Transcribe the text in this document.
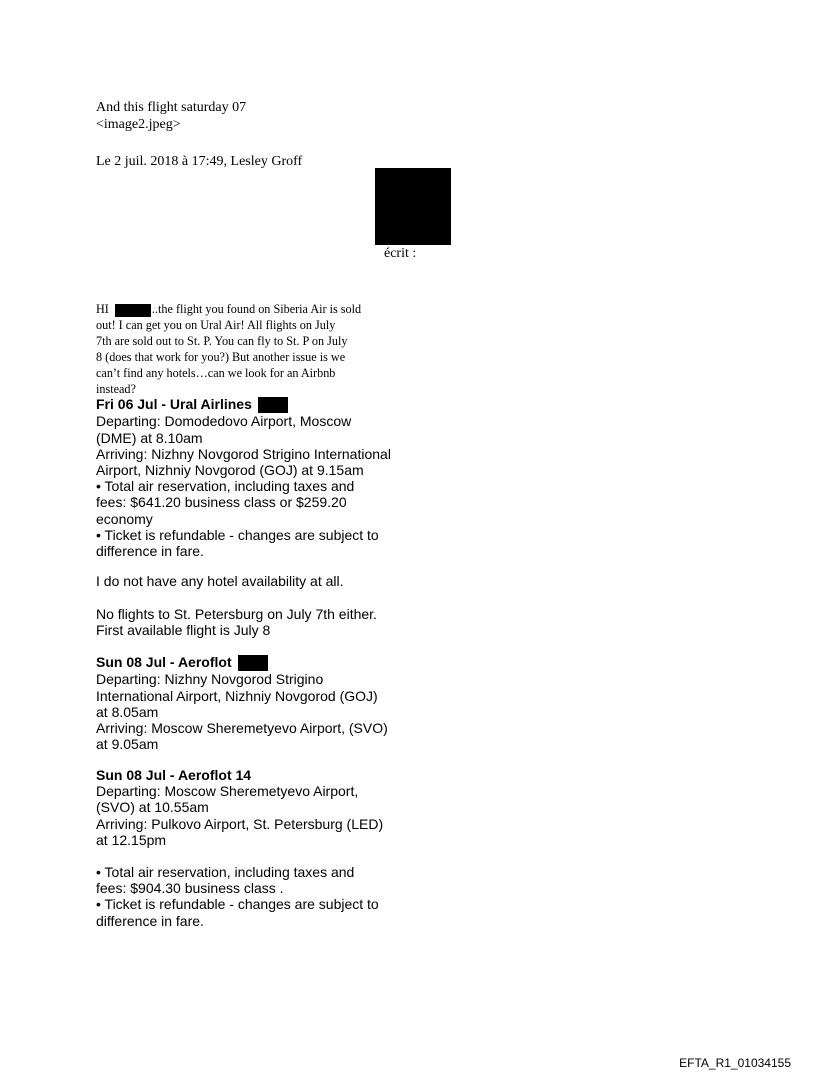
And this flight saturday 07
<image2.jpeg>
Le 2 juil. 2018 à 17:49, Lesley Groff
écrit :
HI	..the flight you found on Siberia Air is sold
out! I can get you on Ural Air! All flights on July
7th are sold out to St. P. You can fly to St. P on July
8 (does that work for you?) But another issue is we
can’t find any hotels…can we look for an Airbnb
instead?
Fri 06 Jul - Ural Airlines
Departing: Domodedovo Airport, Moscow
(DME) at 8.10am
Arriving: Nizhny Novgorod Strigino International
Airport, Nizhniy Novgorod (GOJ) at 9.15am
• Total air reservation, including taxes and
fees: $641.20 business class or $259.20
economy
• Ticket is refundable - changes are subject to
difference in fare.
I do not have any hotel availability at all.
No flights to St. Petersburg on July 7th either.
First available flight is July 8
Sun 08 Jul - Aeroflot
Departing: Nizhny Novgorod Strigino
International Airport, Nizhniy Novgorod (GOJ)
at 8.05am
Arriving: Moscow Sheremetyevo Airport, (SVO)
at 9.05am
Sun 08 Jul - Aeroflot 14
Departing: Moscow Sheremetyevo Airport,
(SVO) at 10.55am
Arriving: Pulkovo Airport, St. Petersburg (LED)
at 12.15pm
• Total air reservation, including taxes and
fees: $904.30 business class .
• Ticket is refundable - changes are subject to
difference in fare.
EFTA_R1_01034155
